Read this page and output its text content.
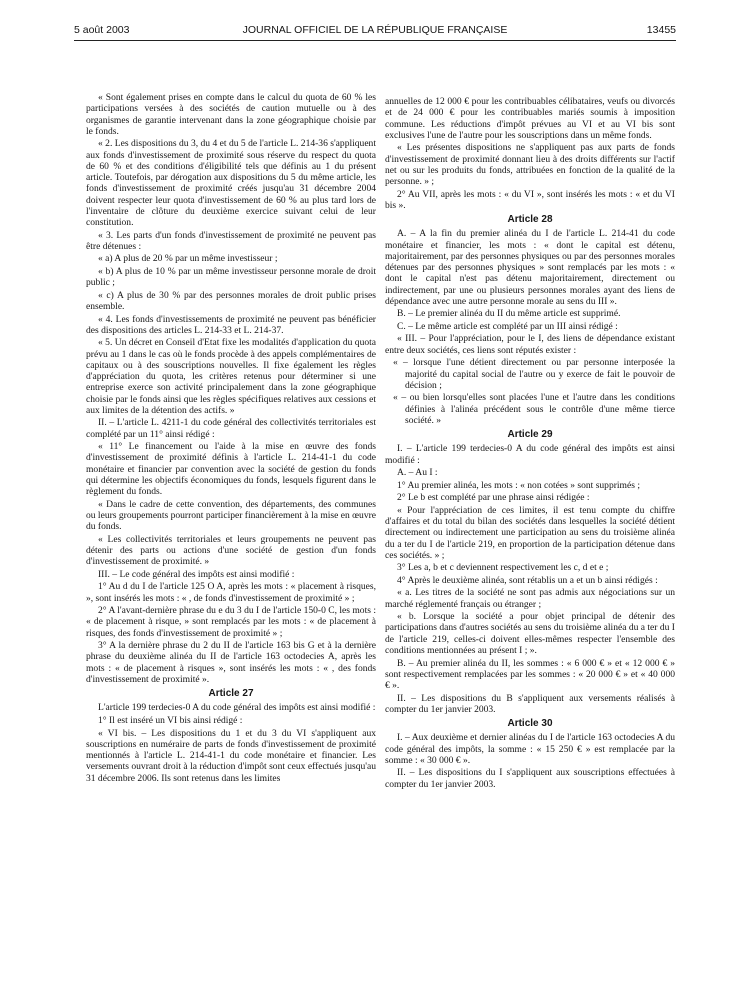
5 août 2003	JOURNAL OFFICIEL DE LA RÉPUBLIQUE FRANÇAISE	13455
« Sont également prises en compte dans le calcul du quota de 60 % les participations versées à des sociétés de caution mutuelle ou à des organismes de garantie intervenant dans la zone géographique choisie par le fonds.
« 2. Les dispositions du 3, du 4 et du 5 de l'article L. 214-36 s'appliquent aux fonds d'investissement de proximité sous réserve du respect du quota de 60 % et des conditions d'éligibilité tels que définis au 1 du présent article. Toutefois, par dérogation aux dispositions du 5 du même article, les fonds d'investissement de proximité créés jusqu'au 31 décembre 2004 doivent respecter leur quota d'investissement de 60 % au plus tard lors de l'inventaire de clôture du deuxième exercice suivant celui de leur constitution.
« 3. Les parts d'un fonds d'investissement de proximité ne peuvent pas être détenues :
« a) A plus de 20 % par un même investisseur ;
« b) A plus de 10 % par un même investisseur personne morale de droit public ;
« c) A plus de 30 % par des personnes morales de droit public prises ensemble.
« 4. Les fonds d'investissements de proximité ne peuvent pas bénéficier des dispositions des articles L. 214-33 et L. 214-37.
« 5. Un décret en Conseil d'Etat fixe les modalités d'application du quota prévu au 1 dans le cas où le fonds procède à des appels complémentaires de capitaux ou à des souscriptions nouvelles. Il fixe également les règles d'appréciation du quota, les critères retenus pour déterminer si une entreprise exerce son activité principalement dans la zone géographique choisie par le fonds ainsi que les règles spécifiques relatives aux cessions et aux limites de la détention des actifs. »
II. – L'article L. 4211-1 du code général des collectivités territoriales est complété par un 11° ainsi rédigé :
« 11° Le financement ou l'aide à la mise en œuvre des fonds d'investissement de proximité définis à l'article L. 214-41-1 du code monétaire et financier par convention avec la société de gestion du fonds qui détermine les objectifs économiques du fonds, lesquels figurent dans le règlement du fonds.
« Dans le cadre de cette convention, des départements, des communes ou leurs groupements pourront participer financièrement à la mise en œuvre du fonds.
« Les collectivités territoriales et leurs groupements ne peuvent pas détenir des parts ou actions d'une société de gestion d'un fonds d'investissement de proximité. »
III. – Le code général des impôts est ainsi modifié :
1° Au d du I de l'article 125 O A, après les mots : « placement à risques, », sont insérés les mots : « , de fonds d'investissement de proximité » ;
2° A l'avant-dernière phrase du e du 3 du I de l'article 150-0 C, les mots : « de placement à risque, » sont remplacés par les mots : « de placement à risques, des fonds d'investissement de proximité » ;
3° A la dernière phrase du 2 du II de l'article 163 bis G et à la dernière phrase du deuxième alinéa du II de l'article 163 octodecies A, après les mots : « de placement à risques », sont insérés les mots : « , des fonds d'investissement de proximité ».
Article 27
L'article 199 terdecies-0 A du code général des impôts est ainsi modifié :
1° Il est inséré un VI bis ainsi rédigé :
« VI bis. – Les dispositions du 1 et du 3 du VI s'appliquent aux souscriptions en numéraire de parts de fonds d'investissement de proximité mentionnés à l'article L. 214-41-1 du code monétaire et financier. Les versements ouvrant droit à la réduction d'impôt sont ceux effectués jusqu'au 31 décembre 2006. Ils sont retenus dans les limites
annuelles de 12 000 € pour les contribuables célibataires, veufs ou divorcés et de 24 000 € pour les contribuables mariés soumis à imposition commune. Les réductions d'impôt prévues au VI et au VI bis sont exclusives l'une de l'autre pour les souscriptions dans un même fonds.
« Les présentes dispositions ne s'appliquent pas aux parts de fonds d'investissement de proximité donnant lieu à des droits différents sur l'actif net ou sur les produits du fonds, attribuées en fonction de la qualité de la personne. » ;
2° Au VII, après les mots : « du VI », sont insérés les mots : « et du VI bis ».
Article 28
A. – A la fin du premier alinéa du I de l'article L. 214-41 du code monétaire et financier, les mots : « dont le capital est détenu, majoritairement, par des personnes physiques ou par des personnes morales détenues par des personnes physiques » sont remplacés par les mots : « dont le capital n'est pas détenu majoritairement, directement ou indirectement, par une ou plusieurs personnes morales ayant des liens de dépendance avec une autre personne morale au sens du III ».
B. – Le premier alinéa du II du même article est supprimé.
C. – Le même article est complété par un III ainsi rédigé :
« III. – Pour l'appréciation, pour le I, des liens de dépendance existant entre deux sociétés, ces liens sont réputés exister :
« – lorsque l'une détient directement ou par personne interposée la majorité du capital social de l'autre ou y exerce de fait le pouvoir de décision ;
« – ou bien lorsqu'elles sont placées l'une et l'autre dans les conditions définies à l'alinéa précédent sous le contrôle d'une même tierce société. »
Article 29
I. – L'article 199 terdecies-0 A du code général des impôts est ainsi modifié :
A. – Au I :
1° Au premier alinéa, les mots : « non cotées » sont supprimés ;
2° Le b est complété par une phrase ainsi rédigée :
« Pour l'appréciation de ces limites, il est tenu compte du chiffre d'affaires et du total du bilan des sociétés dans lesquelles la société détient directement ou indirectement une participation au sens du troisième alinéa du a ter du I de l'article 219, en proportion de la participation détenue dans ces sociétés. » ;
3° Les a, b et c deviennent respectivement les c, d et e ;
4° Après le deuxième alinéa, sont rétablis un a et un b ainsi rédigés :
« a. Les titres de la société ne sont pas admis aux négociations sur un marché réglementé français ou étranger ;
« b. Lorsque la société a pour objet principal de détenir des participations dans d'autres sociétés au sens du troisième alinéa du a ter du I de l'article 219, celles-ci doivent elles-mêmes respecter l'ensemble des conditions mentionnées au présent I ; ».
B. – Au premier alinéa du II, les sommes : « 6 000 € » et « 12 000 € » sont respectivement remplacées par les sommes : « 20 000 € » et « 40 000 € ».
II. – Les dispositions du B s'appliquent aux versements réalisés à compter du 1er janvier 2003.
Article 30
I. – Aux deuxième et dernier alinéas du I de l'article 163 octodecies A du code général des impôts, la somme : « 15 250 € » est remplacée par la somme : « 30 000 € ».
II. – Les dispositions du I s'appliquent aux souscriptions effectuées à compter du 1er janvier 2003.
